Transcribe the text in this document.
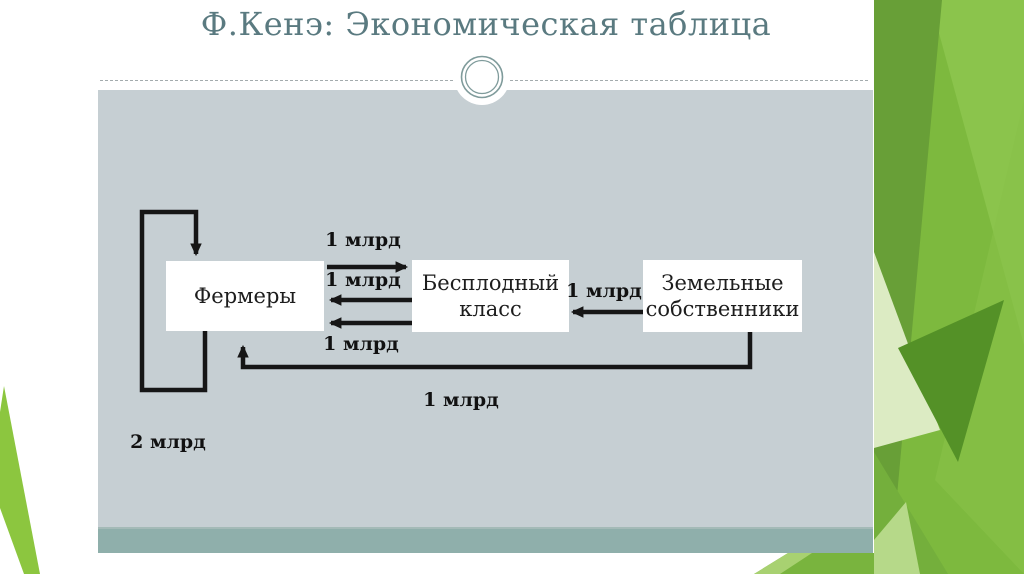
Ф.Кенэ: Экономическая таблица
Фермеры
Бесплодный класс
Земельные собственники
1 млрд
1 млрд
1 млрд
1 млрд
1 млрд
2 млрд
